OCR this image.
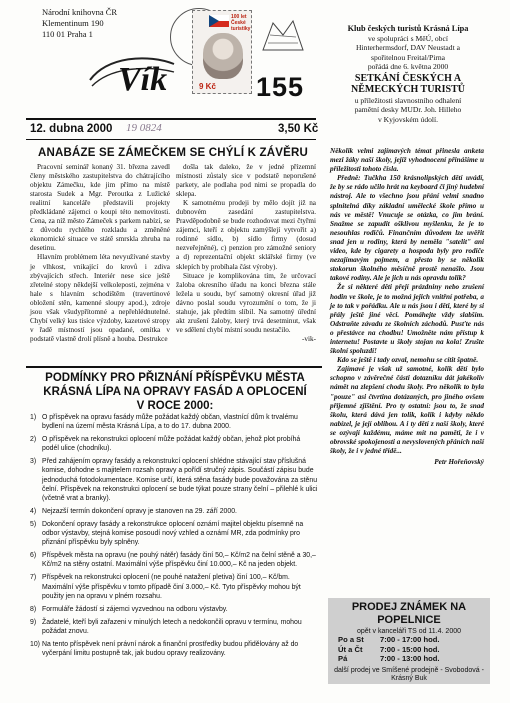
Národní knihovna ČR
Klementinum 190
110 01 Praha 1
Vík
100 let České turistiky
9 Kč 155
12. dubna 2000 19 0824	3,50 Kč
Klub českých turistů Krásná Lípa
ve spolupráci s MěÚ, obcí
Hinterhermsdorf, DAV Neustadt a
spořitelnou Freital/Pirna
pořádá dne 6. května 2000
SETKÁNÍ ČESKÝCH A NĚMECKÝCH TURISTŮ
u příležitosti slavnostního odhalení
pamětní desky MUDr. Joh. Hilleho
v Kyjovském údolí.
ANABÁZE SE ZÁMEČKEM SE CHÝLÍ K ZÁVĚRU

Pracovní seminář konaný 31. března zavedl členy městského zastupitelstva do chátrajícího objektu Zámečku, kde jim přímo na místě starosta Sudek a Mgr. Peroutka z Lužické realitní kanceláře představili projekty předkládané zájemci o koupi této nemovitosti. Cena, za níž město Zámeček s parkem nabízí, se z důvodu rychlého rozkladu a změněné ekonomické situace ve státě smrskla zhruba na desetinu.

Hlavním problémem léta nevyužívané stavby je vlhkost, vnikající do krovů i zdiva zbývajících střech. Interiér nese sice ještě zřetelné stopy někdejší velkoleposti, zejména v hale s hlavním schodištěm (travertinové obložení stěn, kamenné sloupy apod.), zdroje jsou však všudypřítomné a nepřehlédnutelné. Chybí velký kus tisíce výzdoby, kazetové stropy v řadě místností jsou opadané, omítka v podstatě vlastně drolí plísně a houba. Destrukce

došla tak daleko, že v jedné přízemní místnosti zůstaly sice v podstatě neporušené parkety, ale podlaha pod nimi se propadla do sklepa.

K samotnému prodeji by mělo dojít již na dubnovém zasedání zastupitelstva. Pravděpodobně se bude rozhodovat mezi čtyřmi zájemci, kteří z objektu zamýšlejí vytvořit a) rodinné sídlo, b) sídlo firmy (dosud nezveřejněné), c) penzion pro zámožné seniory a d) reprezentační objekt sklářské firmy (ve sklepích by probíhala část výroby).

Situace je komplikována tím, že určovací žaloba okresního úřadu na konci března stále ležela u soudu, byť samotný okresní úřad již dávno poslal soudu vyrozumění o tom, že ji stahuje, jak předtím slíbil. Na samotný úřední akt zrušení žaloby, který trvá desetminut, však ve sdělení chybí místní soudu nestačilo.

-vik-
PODMÍNKY PRO PŘIZNÁNÍ PŘÍSPĚVKU MĚSTA KRÁSNÁ LÍPA NA OPRAVY FASÁD A OPLOCENÍ V ROCE 2000:
1) O příspěvek na opravu fasády může požádat každý občan, vlastnící dům k trvalému bydlení na území města Krásná Lípa, a to do 17. dubna 2000.
2) O příspěvek na rekonstrukci oplocení může požádat každý občan, jehož plot probíhá podél ulice (chodníku).
3) Před zahájením opravy fasády a rekonstrukcí oplocení shlédne stávající stav příslušná komise, dohodne s majitelem rozsah opravy a pořídí stručný zápis. Součástí zápisu bude jednoduchá fotodokumentace. Komise určí, která stěna fasády bude považována za stěnu čelní. Příspěvek na rekonstrukci oplocení se bude týkat pouze strany čelní – přilehlé k ulici (včetně vrat a branky).
4) Nejzazší termín dokončení opravy je stanoven na 29. září 2000.
5) Dokončení opravy fasády a rekonstrukce oplocení oznámí majitel objektu písemně na odbor výstavby, stejná komise posoudí nový vzhled a oznámí MR, zda podmínky pro přiznání příspěvku byly splněny.
6) Příspěvek města na opravu (ne pouhý nátěr) fasády činí 50,– Kč/m2 na čelní stěně a 30,– Kč/m2 na stěny ostatní. Maximální výše příspěvku činí 10.000,– Kč na jeden objekt.
7) Příspěvek na rekonstrukci oplocení (ne pouhé natažení pletiva) činí 100,– Kč/bm. Maximální výše příspěvku v tomto případě činí 3.000,– Kč. Tyto příspěvky mohou být použity jen na opravu v plném rozsahu.
8) Formuláře žádostí si zájemci vyzvednou na odboru výstavby.
9) Žadatelé, kteří byli zařazeni v minulých letech a nedokončili opravu v termínu, mohou požádat znovu.
10) Na tento příspěvek není právní nárok a finanční prostředky budou přidělovány až do vyčerpání limitu postupně tak, jak budou opravy realizovány.

Několik velmi zajímavých témat přinesla anketa mezi žáky naší školy, jejíž vyhodnocení přinášíme u příležitosti tohoto čísla.

Předně: Tučkha 150 krásnolipských dětí uvádí, že by se rádo učilo hrát na keyboard či jiný hudební nástroj. Ale to všechno jsou přání velmi snadno splnitelná díky základní umělecké škole přímo u nás ve městě! Vnucuje se otázka, co jim brání. Snažme se zapudit ošklivou myšlenku, že je to nesouhlas rodičů. Finančním důvodem lze uvěřit snad jen u rodiny, která by neměla "satelit" ani video, kde by cigarety a hospoda byly pro rodiče nezajímavým pojmem, a přesto by se několik stokorun školného měsíčně prostě nenašlo. Jsou takové rodiny. Ale je jich u nás opravdu tolik?

Že si některé děti přejí prázdniny nebo zrušení hodin ve škole, je to možná jejich vnitřní potřeba, a je to tak v pořádku. Ale u nás jsou i děti, které by si přály ještě jiné věci. Pomáhejte vždy slabším. Odstraňte závadu ze školních záchodů. Pusťte nás o přestávce na chodbu! Umožněte nám přístup k internetu! Postavte u školy stojan na kola! Zrušte školní spoluzdí!

Kdo se ještě i tady ozval, nemohu se cítit špatně.

Zajímavé je však už samotné, kolik dětí bylo schopno v závěrečné části dotazníku dát jakékoliv námět na zlepšení chodu školy. Pro několik to byla "pouze" asi čtvrtina dotázaných, pro jiného ovšem přijemné zjištění. Pro ty ostatní: jsou to, že snad školu, která dává jen tolik, kolik i kdyby někdo nabízel, je její oblibou. A i ty dětí z naší školy, které se ozývají každému, máme mít na paměti, že i v obrovské spokojenosti a nevyslovených přáních naší školy, že i v jedné třídě...

Petr Hořeňovský
PRODEJ ZNÁMEK NA POPELNICE
opět v kanceláři TS od 11.4. 2000
Po a St	7:00 - 17:00 hod.
Út a Čt	7:00 - 15:00 hod.
Pá	7:00 - 13:00 hod.
další prodej ve Smíšené prodejně - Svobodová - Krásný Buk
